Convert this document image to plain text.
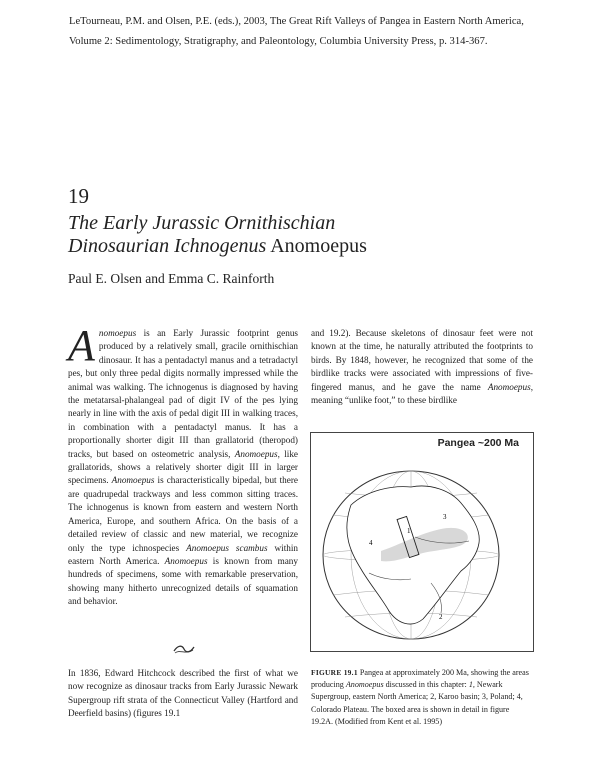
LeTourneau, P.M. and Olsen, P.E. (eds.), 2003, The Great Rift Valleys of Pangea in Eastern North America, Volume 2: Sedimentology, Stratigraphy, and Paleontology, Columbia University Press, p. 314-367.
19
The Early Jurassic Ornithischian
Dinosaurian Ichnogenus Anomoepus
Paul E. Olsen and Emma C. Rainforth

Anomoepus is an Early Jurassic footprint genus produced by a relatively small, gracile ornithischian dinosaur. It has a pentadactyl manus and a tetradactyl pes, but only three pedal digits normally impressed while the animal was walking. The ichnogenus is diagnosed by having the metatarsal-phalangeal pad of digit IV of the pes lying nearly in line with the axis of pedal digit III in walking traces, in combination with a pentadactyl manus. It has a proportionally shorter digit III than grallatorid (theropod) tracks, but based on osteometric analysis, Anomoepus, like grallatorids, shows a relatively shorter digit III in larger specimens. Anomoepus is characteristically bipedal, but there are quadrupedal trackways and less common sitting traces. The ichnogenus is known from eastern and western North America, Europe, and southern Africa. On the basis of a detailed review of classic and new material, we recognize only the type ichnospecies Anomoepus scambus within eastern North America. Anomoepus is known from many hundreds of specimens, some with remarkable preservation, showing many hitherto unrecognized details of squamation and behavior.

In 1836, Edward Hitchcock described the first of what we now recognize as dinosaur tracks from Early Jurassic Newark Supergroup rift strata of the Connecticut Valley (Hartford and Deerfield basins) (figures 19.1

and 19.2). Because skeletons of dinosaur feet were not known at the time, he naturally attributed the footprints to birds. By 1848, however, he recognized that some of the birdlike tracks were associated with impressions of five-fingered manus, and he gave the name Anomoepus, meaning “unlike foot,” to these birdlike

Pangea ~200 Ma
1
2
3
4
FIGURE 19.1 Pangea at approximately 200 Ma, showing the areas producing Anomoepus discussed in this chapter: 1, Newark Supergroup, eastern North America; 2, Karoo basin; 3, Poland; 4, Colorado Plateau. The boxed area is shown in detail in figure 19.2A. (Modified from Kent et al. 1995)
